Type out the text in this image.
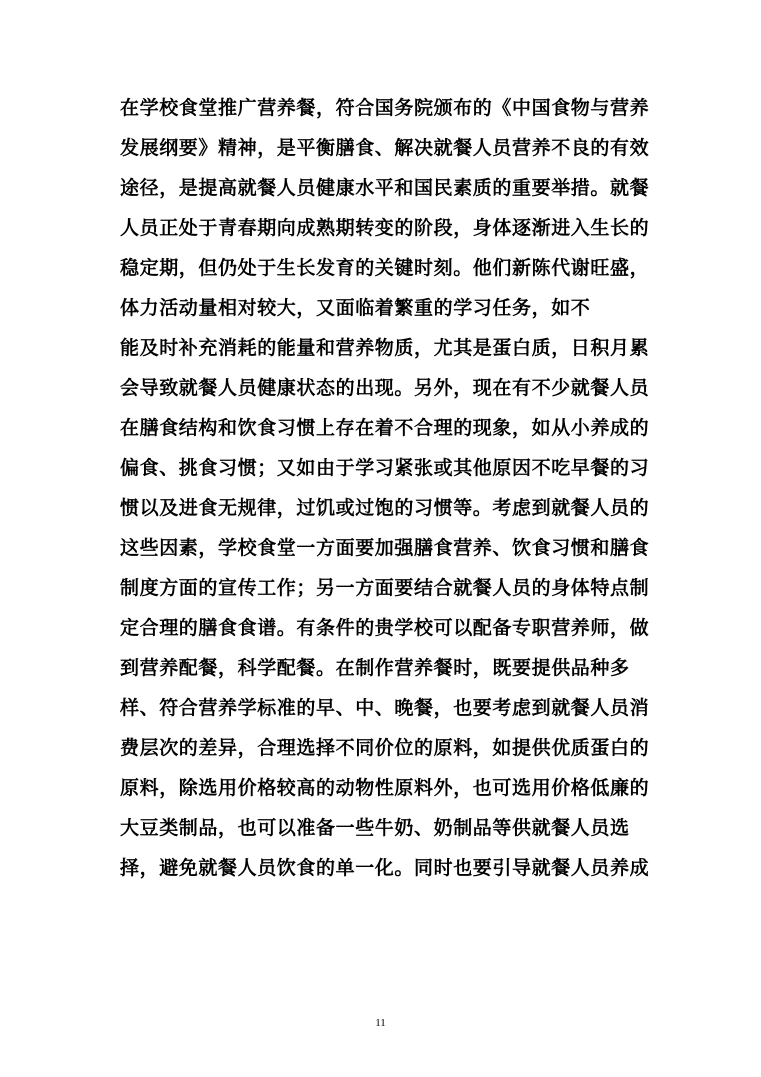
在学校食堂推广营养餐，符合国务院颁布的《中国食物与营养
发展纲要》精神，是平衡膳食、解决就餐人员营养不良的有效
途径，是提高就餐人员健康水平和国民素质的重要举措。就餐
人员正处于青春期向成熟期转变的阶段，身体逐渐进入生长的
稳定期，但仍处于生长发育的关键时刻。他们新陈代谢旺盛，
体力活动量相对较大，又面临着繁重的学习任务，如不
能及时补充消耗的能量和营养物质，尤其是蛋白质，日积月累
会导致就餐人员健康状态的出现。另外，现在有不少就餐人员
在膳食结构和饮食习惯上存在着不合理的现象，如从小养成的
偏食、挑食习惯；又如由于学习紧张或其他原因不吃早餐的习
惯以及进食无规律，过饥或过饱的习惯等。考虑到就餐人员的
这些因素，学校食堂一方面要加强膳食营养、饮食习惯和膳食
制度方面的宣传工作；另一方面要结合就餐人员的身体特点制
定合理的膳食食谱。有条件的贵学校可以配备专职营养师，做
到营养配餐，科学配餐。在制作营养餐时，既要提供品种多
样、符合营养学标准的早、中、晚餐，也要考虑到就餐人员消
费层次的差异，合理选择不同价位的原料，如提供优质蛋白的
原料，除选用价格较高的动物性原料外，也可选用价格低廉的
大豆类制品，也可以准备一些牛奶、奶制品等供就餐人员选
择，避免就餐人员饮食的单一化。同时也要引导就餐人员养成
11
